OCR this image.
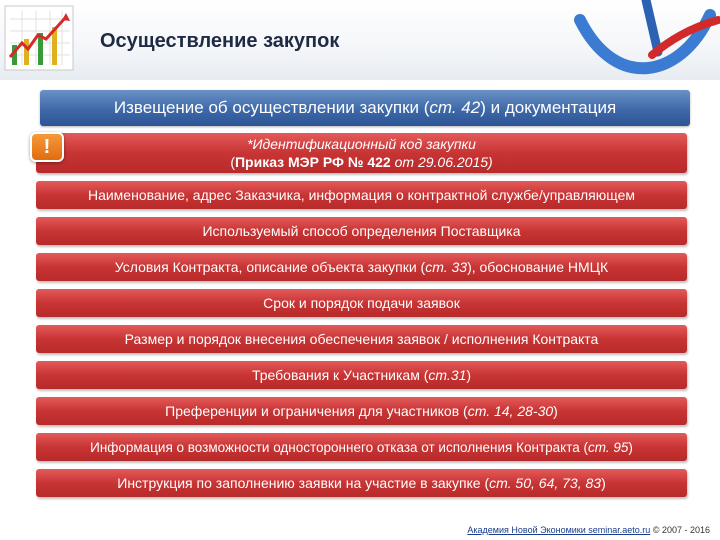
Осуществление закупок
Извещение об осуществлении закупки ( ст. 42 ) и документация
*Идентификационный код закупки
(Приказ МЭР РФ № 422 от 29.06.2015)
!
Наименование, адрес Заказчика, информация о контрактной службе/управляющем
Используемый способ определения Поставщика
Условия Контракта, описание объекта закупки ( ст. 33 ), обоснование НМЦК
Срок и порядок подачи заявок
Размер и порядок внесения обеспечения заявок / исполнения Контракта
Требования к Участникам ( ст.31 )
Преференции и ограничения для участников ( ст. 14, 28-30 )
Информация о возможности одностороннего отказа от исполнения Контракта ( ст. 95 )
Инструкция по заполнению заявки на участие в закупке ( ст. 50, 64, 73, 83 )
Академия Новой Экономики seminar.aeto.ru © 2007 - 2016
